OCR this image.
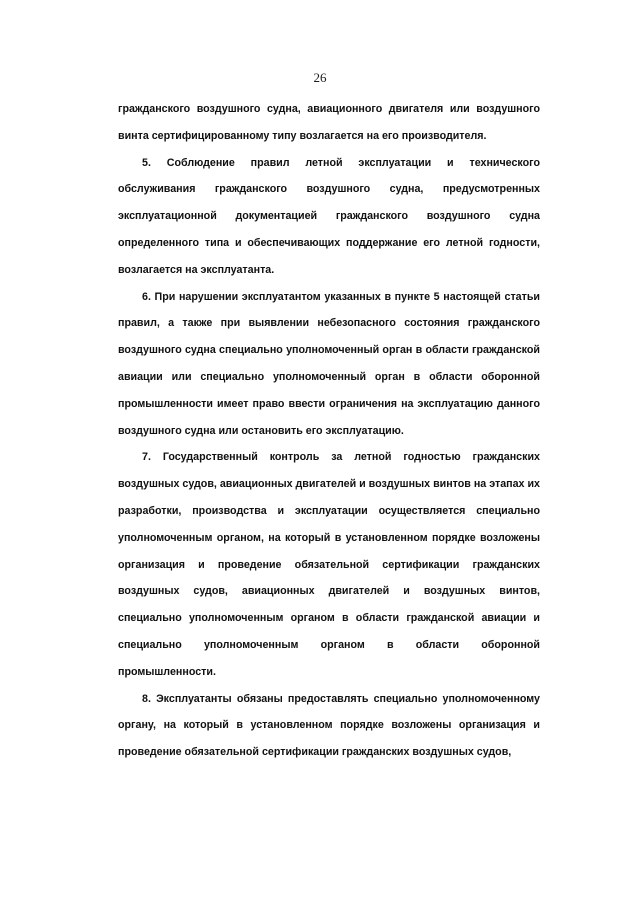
26

гражданского воздушного судна, авиационного двигателя или воздушного винта сертифицированному типу возлагается на его производителя.

5. Соблюдение правил летной эксплуатации и технического обслуживания гражданского воздушного судна, предусмотренных эксплуатационной документацией гражданского воздушного судна определенного типа и обеспечивающих поддержание его летной годности, возлагается на эксплуатанта.

6. При нарушении эксплуатантом указанных в пункте 5 настоящей статьи правил, а также при выявлении небезопасного состояния гражданского воздушного судна специально уполномоченный орган в области гражданской авиации или специально уполномоченный орган в области оборонной промышленности имеет право ввести ограничения на эксплуатацию данного воздушного судна или остановить его эксплуатацию.

7. Государственный контроль за летной годностью гражданских воздушных судов, авиационных двигателей и воздушных винтов на этапах их разработки, производства и эксплуатации осуществляется специально уполномоченным органом, на который в установленном порядке возложены организация и проведение обязательной сертификации гражданских воздушных судов, авиационных двигателей и воздушных винтов, специально уполномоченным органом в области гражданской авиации и специально уполномоченным органом в области оборонной промышленности.

8. Эксплуатанты обязаны предоставлять специально уполномоченному органу, на который в установленном порядке возложены организация и проведение обязательной сертификации гражданских воздушных судов,
